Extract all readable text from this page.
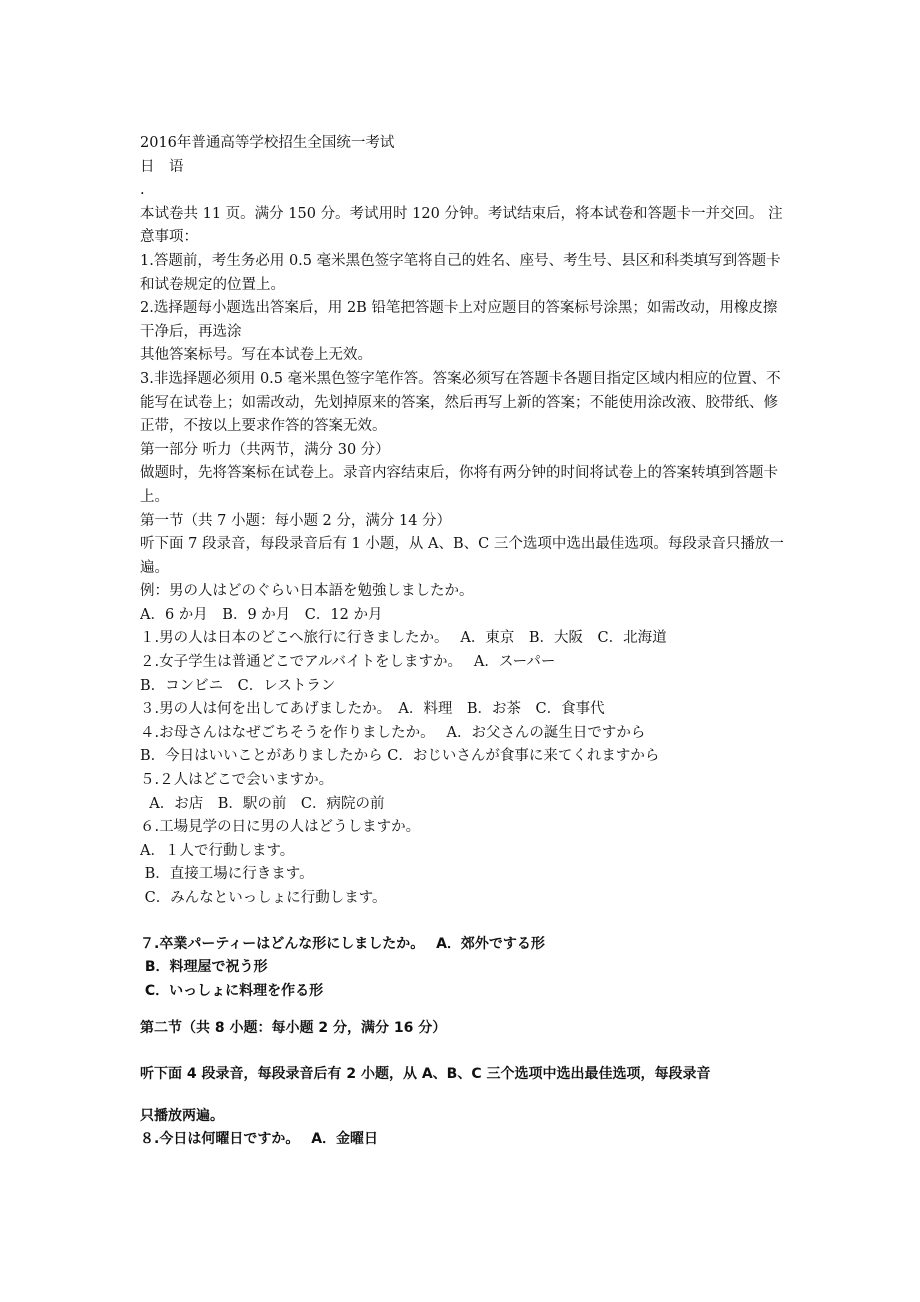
2016年普通高等学校招生全国统一考试
日　语
.
本试卷共 11 页。满分 150 分。考试用时 120 分钟。考试结束后，将本试卷和答题卡一并交回。 注意事项：
1.答题前，考生务必用 0.5 毫米黑色签字笔将自己的姓名、座号、考生号、县区和科类填写到答题卡和试卷规定的位置上。
2.选择题每小题选出答案后，用 2B 铅笔把答题卡上对应题目的答案标号涂黑；如需改动，用橡皮擦干净后，再选涂
其他答案标号。写在本试卷上无效。
3.非选择题必须用 0.5 毫米黑色签字笔作答。答案必须写在答题卡各题目指定区域内相应的位置、不能写在试卷上；如需改动，先划掉原来的答案，然后再写上新的答案；不能使用涂改液、胶带纸、修正带，不按以上要求作答的答案无效。
第一部分 听力（共两节，满分 30 分）
做题时，先将答案标在试卷上。录音内容结束后，你将有两分钟的时间将试卷上的答案转填到答题卡上。
第一节（共 7 小题：每小题 2 分，满分 14 分）
听下面 7 段录音，每段录音后有 1 小题，从 A、B、C 三个选项中选出最佳选项。每段录音只播放一遍。
例：男の人はどのぐらい日本語を勉強しましたか。
A．6 か月　B．9 か月　C．12 か月
１.男の人は日本のどこへ旅行に行きましたか。　 A．東京　B．大阪　C．北海道
２.女子学生は普通どこでアルバイトをしますか。　 A．スーパー
B．コンビニ　C．レストラン
３.男の人は何を出してあげましたか。　A．料理　B．お茶　C．食事代
４.お母さんはなぜごちそうを作りましたか。　 A．お父さんの誕生日ですから
B．今日はいいことがありましたから C．おじいさんが食事に来てくれますから
５.２人はどこで会いますか。
A．お店　B．駅の前　C．病院の前
６.工場見学の日に男の人はどうしますか。
A．１人で行動します。
B．直接工場に行きます。
C．みんなといっしょに行動します。
７.卒業パーティーはどんな形にしましたか。　 A．郊外でする形
B．料理屋で祝う形
C．いっしょに料理を作る形
第二节（共 8 小题：每小题 2 分，满分 16 分）
听下面 4 段录音，每段录音后有 2 小题，从 A、B、C 三个选项中选出最佳选项，每段录音
只播放两遍。
８.今日は何曜日ですか。　 A．金曜日
